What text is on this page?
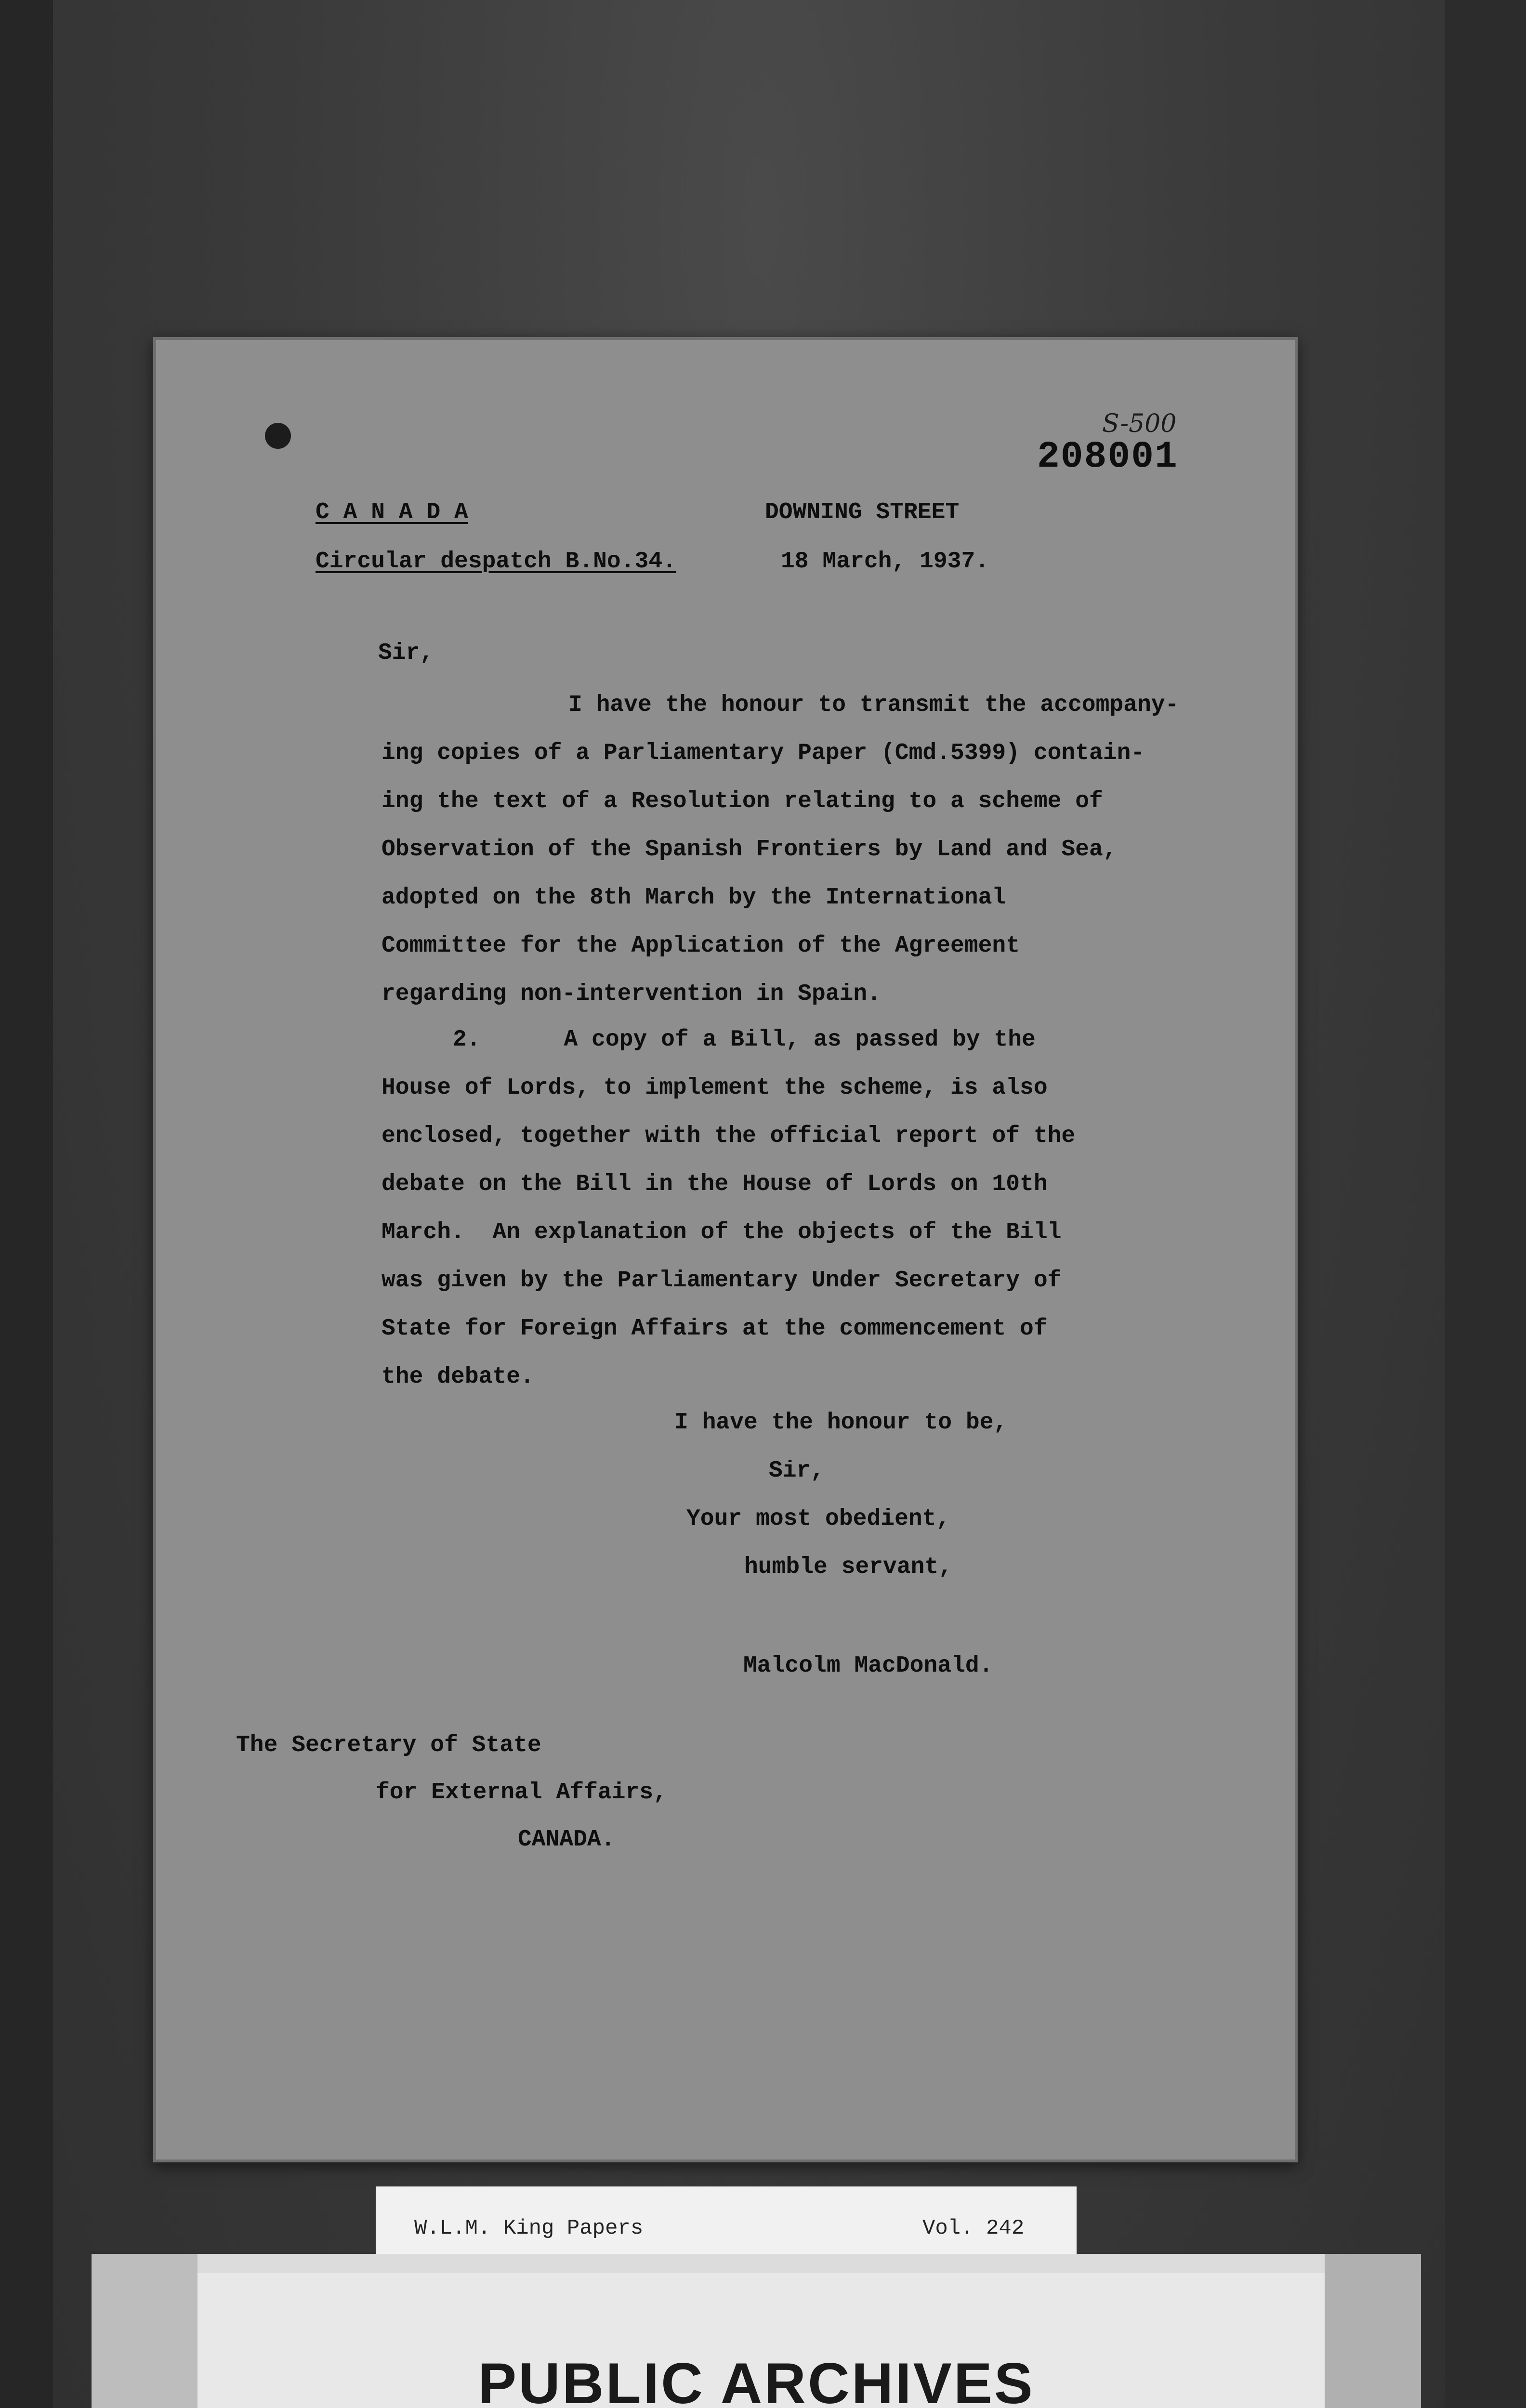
S-500
208001
C A N A D A
Circular despatch B.No.34.
DOWNING STREET
18 March, 1937.
Sir,
I have the honour to transmit the accompany-
ing copies of a Parliamentary Paper (Cmd.5399) contain-
ing the text of a Resolution relating to a scheme of
Observation of the Spanish Frontiers by Land and Sea,
adopted on the 8th March by the International
Committee for the Application of the Agreement
regarding non-intervention in Spain.
2.      A copy of a Bill, as passed by the
House of Lords, to implement the scheme, is also
enclosed, together with the official report of the
debate on the Bill in the House of Lords on 10th
March.  An explanation of the objects of the Bill
was given by the Parliamentary Under Secretary of
State for Foreign Affairs at the commencement of
the debate.
I have the honour to be,
Sir,
Your most obedient,
humble servant,
Malcolm MacDonald.
The Secretary of State
for External Affairs,
CANADA.
W.L.M. King Papers	Vol. 242
PUBLIC ARCHIVES
